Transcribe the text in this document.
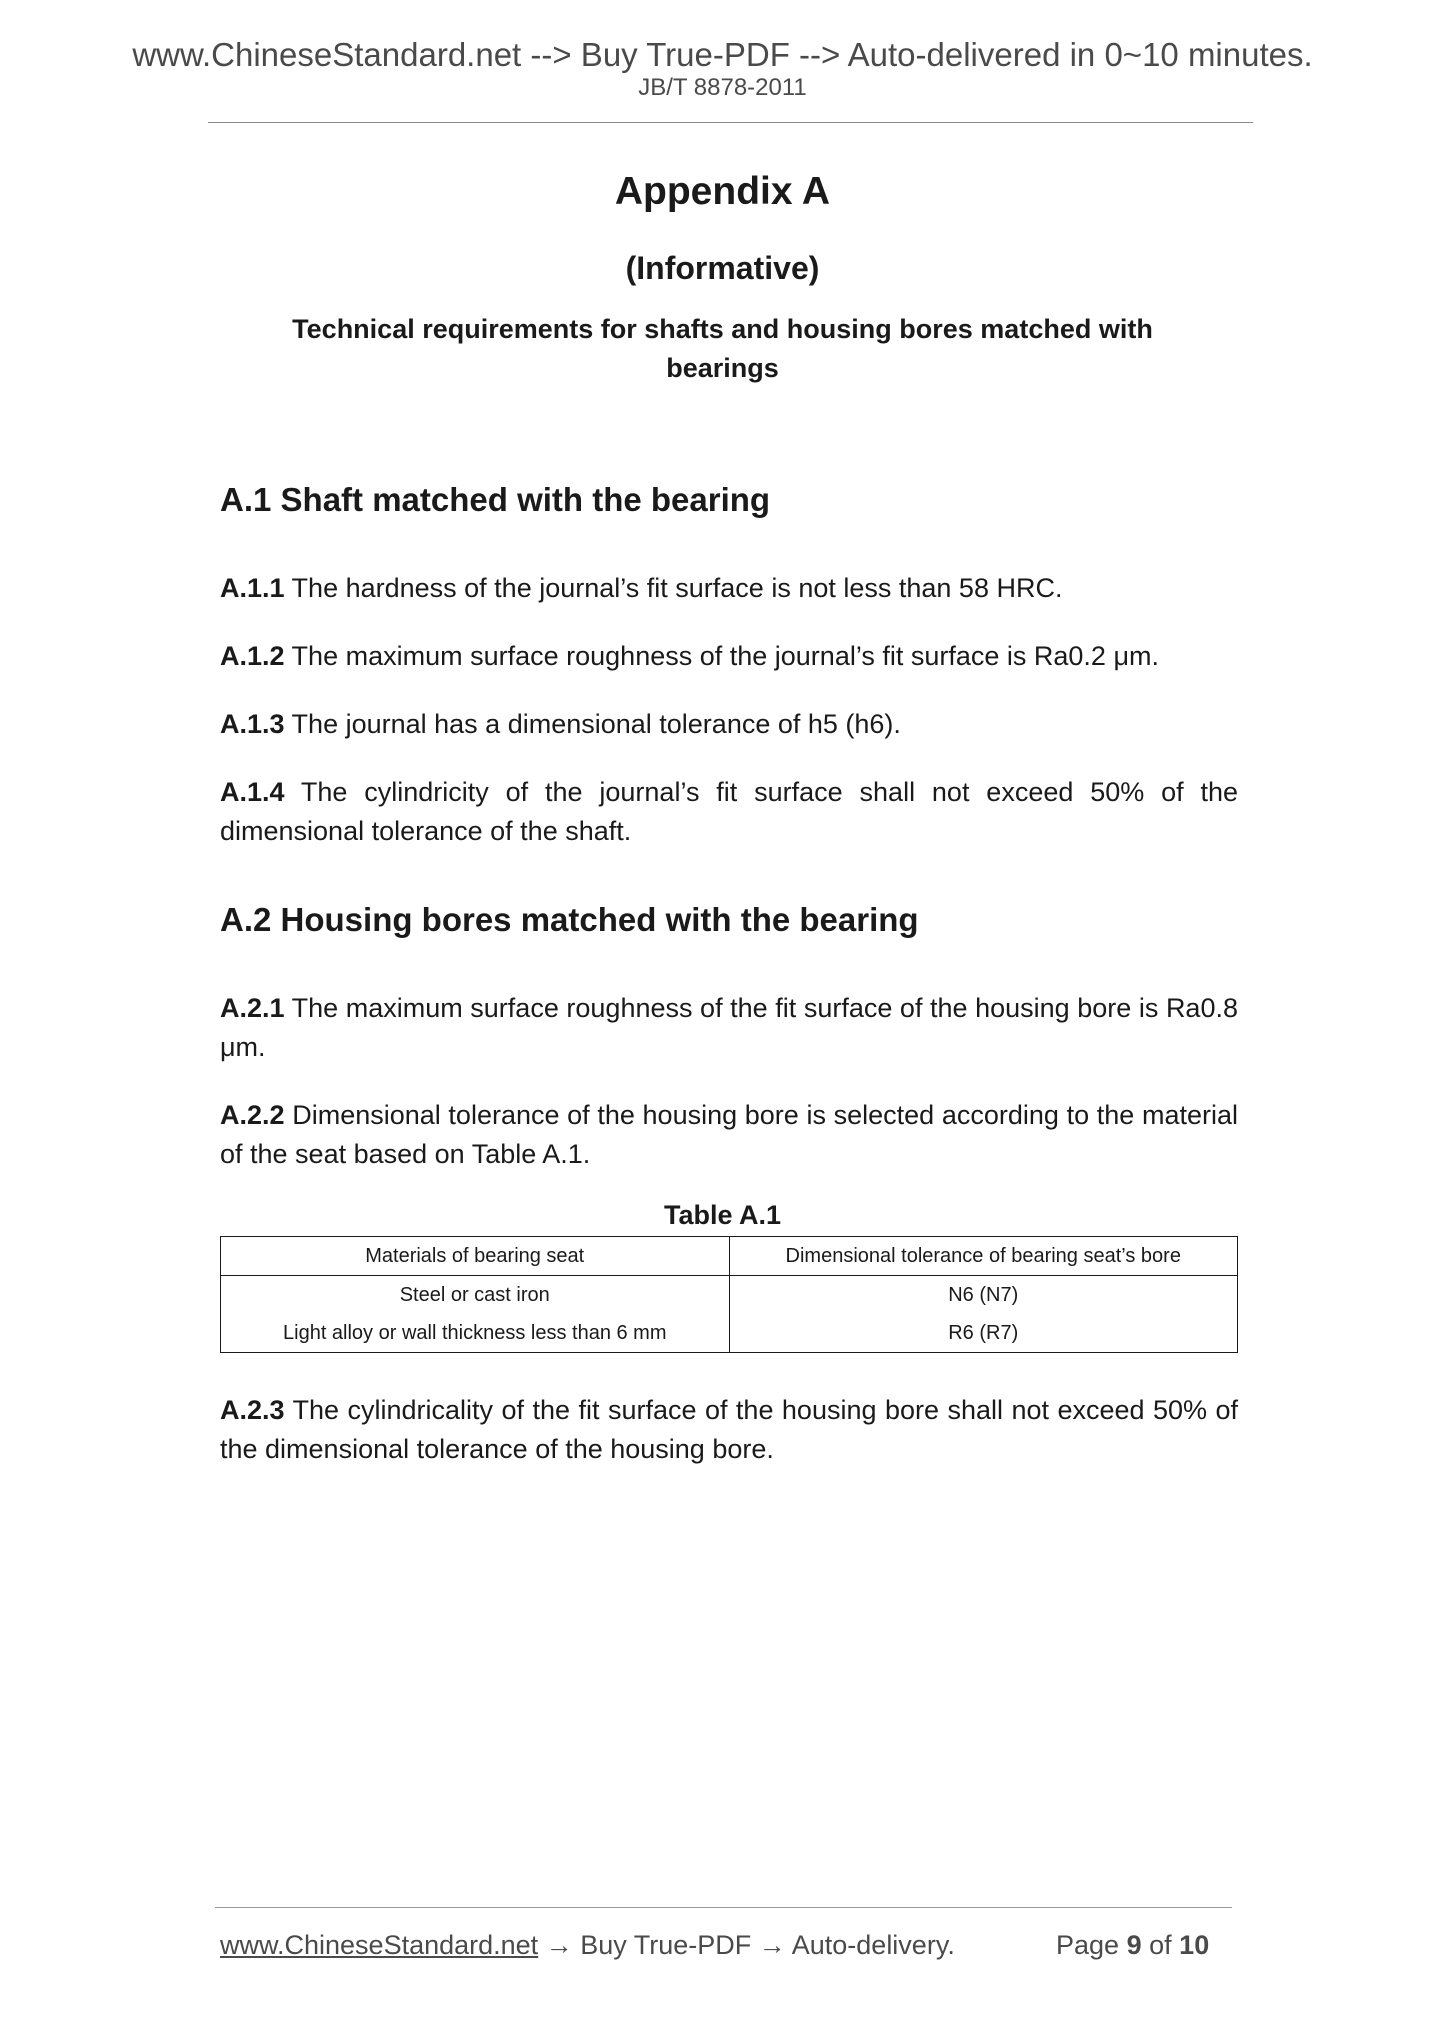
www.ChineseStandard.net --> Buy True-PDF --> Auto-delivered in 0~10 minutes.
JB/T 8878-2011
Appendix A
(Informative)
Technical requirements for shafts and housing bores matched with
bearings
A.1 Shaft matched with the bearing
A.1.1 The hardness of the journal’s fit surface is not less than 58 HRC.
A.1.2 The maximum surface roughness of the journal’s fit surface is Ra0.2 μm.
A.1.3 The journal has a dimensional tolerance of h5 (h6).
A.1.4 The cylindricity of the journal’s fit surface shall not exceed 50% of the dimensional tolerance of the shaft.
A.2 Housing bores matched with the bearing
A.2.1 The maximum surface roughness of the fit surface of the housing bore is Ra0.8 μm.
A.2.2 Dimensional tolerance of the housing bore is selected according to the material of the seat based on Table A.1.
Table A.1
Materials of bearing seat	Dimensional tolerance of bearing seat’s bore
Steel or cast iron	N6 (N7)
Light alloy or wall thickness less than 6 mm	R6 (R7)
A.2.3 The cylindricality of the fit surface of the housing bore shall not exceed 50% of the dimensional tolerance of the housing bore.
www.ChineseStandard.net → Buy True-PDF → Auto-delivery.	Page 9 of 10
